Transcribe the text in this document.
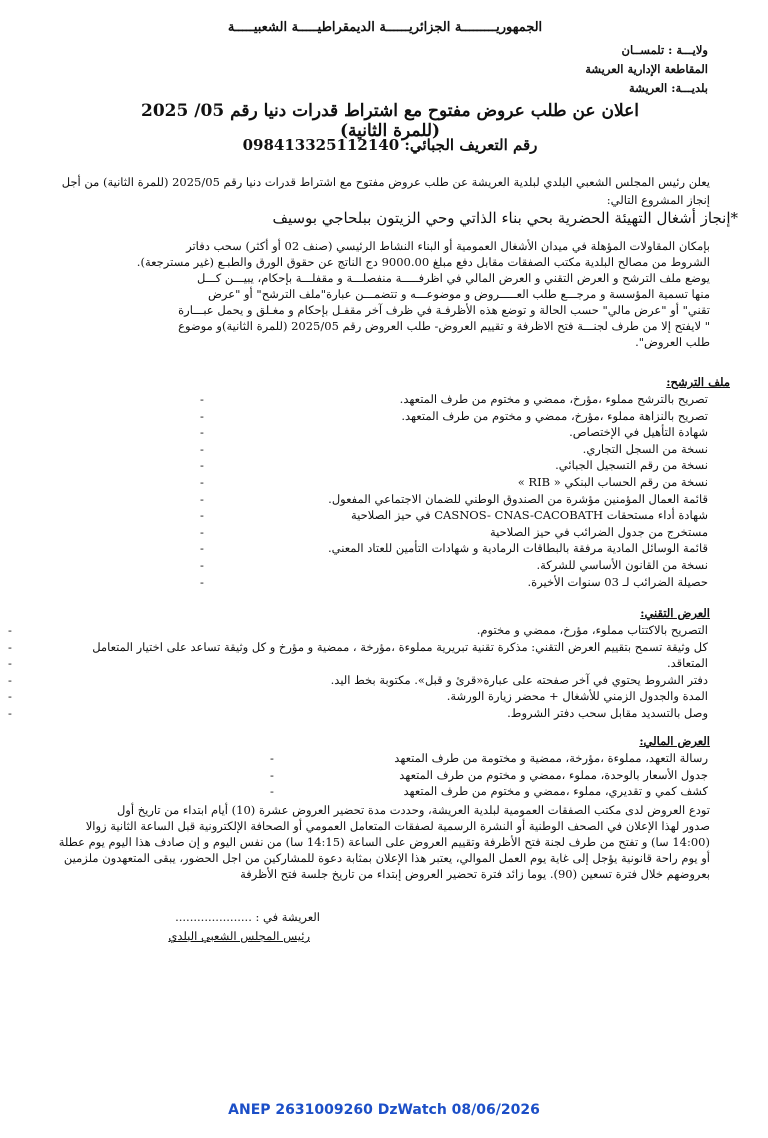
الجمهوريـــــــــة الجزائريــــــة الديمقراطيـــــة الشعبيـــــة
ولايـــة : تلمســان
المقاطعة الإدارية العريشة
بلديـــة: العريشة
اعلان عن طلب عروض مفتوح مع اشتراط قدرات دنيا رقم 05/ 2025 (للمرة الثانية)
رقم التعريف الجبائي: 098413325112140
يعلن رئيس المجلس الشعبي البلدي لبلدية العريشة عن طلب عروض مفتوح مع اشتراط قدرات دنيا رقم 2025/05 (للمرة الثانية) من أجل
إنجاز المشروع التالي:
*إنجاز أشغال التهيئة الحضرية بحي بناء الذاتي وحي الزيتون ببلحاجي بوسيف
بإمكان المقاولات المؤهلة في ميدان الأشغال العمومية أو البناء النشاط الرئيسي (صنف 02 أو أكثر) سحب دفاتر
الشروط من مصالح البلدية مكتب الصفقات مقابل دفع مبلغ 9000.00 دج الناتج عن حقوق الورق والطبـع (غير مسترجعة).
يوضع ملف الترشح و العرض التقني و العرض المالي في اظرفـــــة منفصلـــة و مقفلـــة بإحكام، يبيـــن كـــل
منها تسمية المؤسسة و مرجـــع طلب العـــــروض و موضوعـــه و تتضمـــن عبارة"ملف الترشح" أو "عرض
تقني" أو "عرض مالي" حسب الحالة و توضع هذه الأظرفـة في ظرف آخر مقفـل بإحكام و مغـلق و يحمل عبـــارة
" لايفتح إلا من طرف لجنـــة فتح الاظرفة و تقييم العروض- طلب العروض رقم 2025/05 (للمرة الثانية)و موضوع
طلب العروض".
ملف الترشح:
تصريح بالترشح مملوء ،مؤرخ، ممضي و مختوم من طرف المتعهد.
-
تصريح بالنزاهة مملوء ،مؤرخ، ممضي و مختوم من طرف المتعهد.
-
شهادة التأهيل في الإختصاص.
-
نسخة من السجل التجاري.
-
نسخة من رقم التسجيل الجبائي.
-
نسخة من رقم الحساب البنكي « RIB »
-
قائمة العمال المؤمنين مؤشرة من الصندوق الوطني للضمان الاجتماعي المفعول.
-
شهادة أداء مستحقات CASNOS- CNAS-CACOBATH في حيز الصلاحية
-
مستخرج من جدول الضرائب في حيز الصلاحية
-
قائمة الوسائل المادية مرفقة بالبطاقات الرمادية و شهادات التأمين للعتاد المعني.
-
نسخة من القانون الأساسي للشركة.
-
حصيلة الضرائب لـ 03 سنوات الأخيرة.
-
العرض التقني:
التصريح بالاكتتاب مملوء، مؤرخ، ممضي و مختوم.
-
كل وثيقة تسمح بتقييم العرض التقني: مذكرة تقنية تبريرية مملوءة ،مؤرخة ، ممضية و مؤرخ و كل وثيقة تساعد على اختيار المتعامل
-
المتعاقد.
-
دفتر الشروط يحتوي في آخر صفحته على عبارة«قرئ و قبل». مكتوبة بخط اليد.
-
المدة والجدول الزمني للأشغال + محضر زيارة الورشة.
-
وصل بالتسديد مقابل سحب دفتر الشروط.
-
العرض المالي:
رسالة التعهد، مملوءة ،مؤرخة، ممضية و مختومة من طرف المتعهد
-
جدول الأسعار بالوحدة، مملوء ،ممضي و مختوم من طرف المتعهد
-
كشف كمي و تقديري، مملوء ،ممضي و مختوم من طرف المتعهد
-
تودع العروض لدى مكتب الصفقات العمومية لبلدية العريشة، وحددت مدة تحضير العروض عشرة (10) أيام ابتداء من تاريخ أول
صدور لهذا الإعلان في الصحف الوطنية أو النشرة الرسمية لصفقات المتعامل العمومي أو الصحافة الإلكترونية قبل الساعة الثانية زوالا
(14:00 سا) و تفتح من طرف لجنة فتح الأظرفة وتقييم العروض على الساعة (14:15 سا) من نفس اليوم و إن صادف هذا اليوم يوم عطلة
أو يوم راحة قانونية يؤجل إلى غاية يوم العمل الموالي، يعتبر هذا الإعلان بمثابة دعوة للمشاركين من اجل الحضور، يبقى المتعهدون ملزمين
بعروضهم خلال فترة تسعين (90). يوما زائد فترة تحضير العروض إبتداء من تاريخ جلسة فتح الأظرفة
العريشة في : .....................
رئيس المجلس الشعبي البلدي
ANEP 2631009260 DzWatch 08/06/2026
